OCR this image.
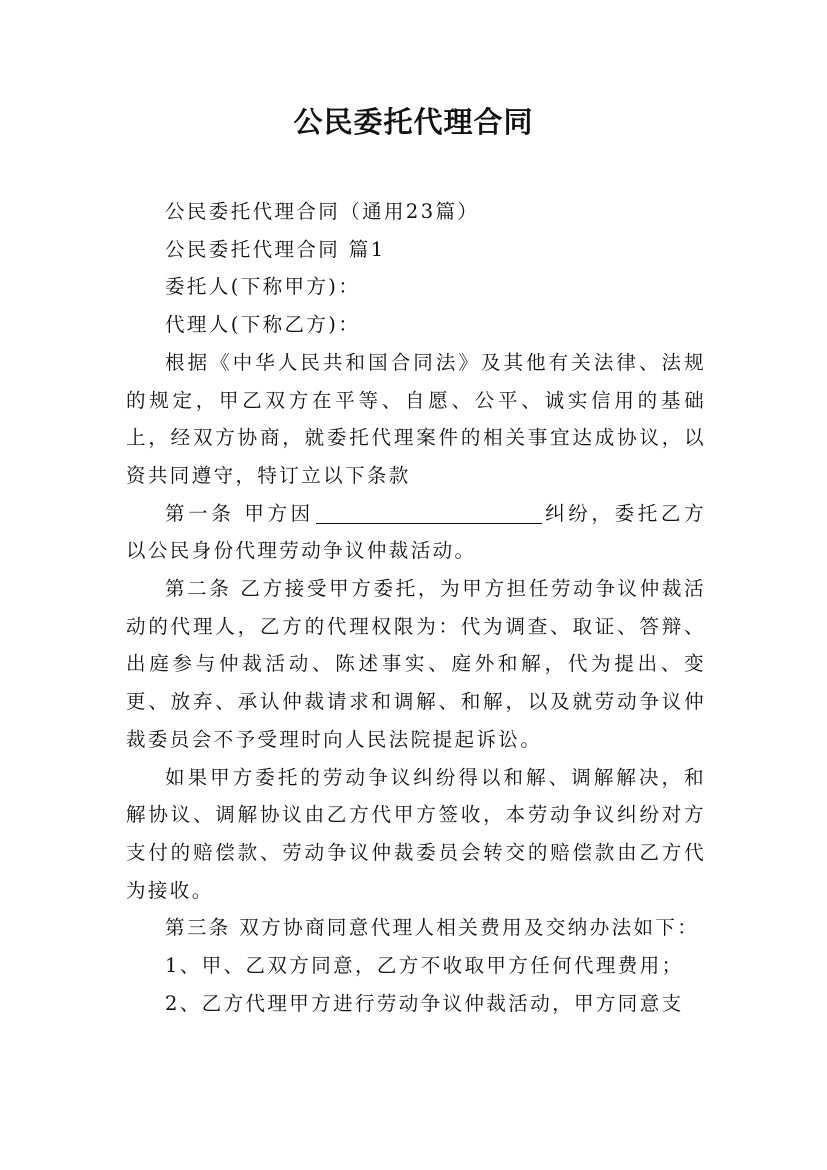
公民委托代理合同

公民委托代理合同（通用23篇）

公民委托代理合同 篇1

委托人(下称甲方)：

代理人(下称乙方)：

根据《中华人民共和国合同法》及其他有关法律、法规的规定，甲乙双方在平等、自愿、公平、诚实信用的基础上，经双方协商，就委托代理案件的相关事宜达成协议，以资共同遵守，特订立以下条款

第一条 甲方因	纠纷，委托乙方以公民身份代理劳动争议仲裁活动。

第二条 乙方接受甲方委托，为甲方担任劳动争议仲裁活动的代理人，乙方的代理权限为：代为调查、取证、答辩、出庭参与仲裁活动、陈述事实、庭外和解，代为提出、变更、放弃、承认仲裁请求和调解、和解，以及就劳动争议仲裁委员会不予受理时向人民法院提起诉讼。

如果甲方委托的劳动争议纠纷得以和解、调解解决，和解协议、调解协议由乙方代甲方签收，本劳动争议纠纷对方支付的赔偿款、劳动争议仲裁委员会转交的赔偿款由乙方代为接收。

第三条 双方协商同意代理人相关费用及交纳办法如下：

1、甲、乙双方同意，乙方不收取甲方任何代理费用；

2、乙方代理甲方进行劳动争议仲裁活动，甲方同意支
